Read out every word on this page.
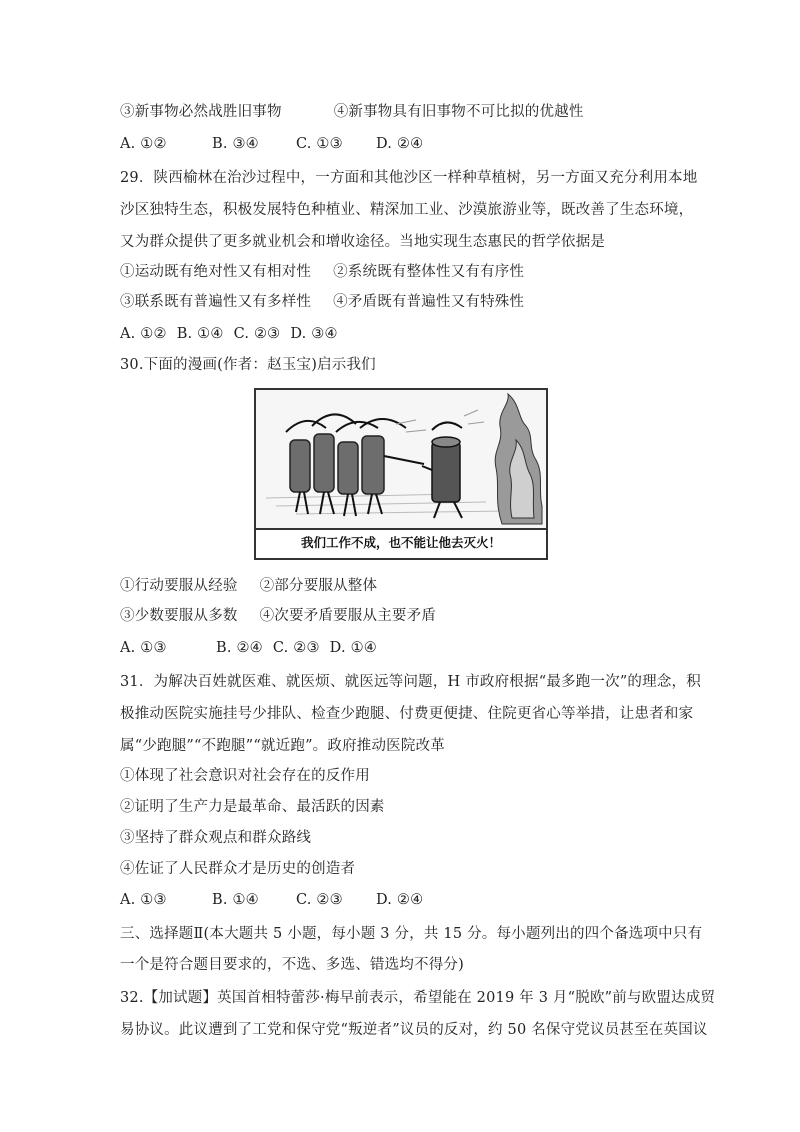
③新事物必然战胜旧事物	④新事物具有旧事物不可比拟的优越性
A. ①②	B. ③④	C. ①③ D. ②④
29．陕西榆林在治沙过程中，一方面和其他沙区一样种草植树，另一方面又充分利用本地
沙区独特生态，积极发展特色种植业、精深加工业、沙漠旅游业等，既改善了生态环境，
又为群众提供了更多就业机会和增收途径。当地实现生态惠民的哲学依据是
①运动既有绝对性又有相对性 ②系统既有整体性又有有序性
③联系既有普遍性又有多样性 ④矛盾既有普遍性又有特殊性
A. ①② B. ①④ C. ②③ D. ③④
30.下面的漫画(作者：赵玉宝)启示我们
我们工作不成，也不能让他去灭火！
①行动要服从经验 ②部分要服从整体
③少数要服从多数 ④次要矛盾要服从主要矛盾
A. ①③	B. ②④ C. ②③ D. ①④
31．为解决百姓就医难、就医烦、就医远等问题，H 市政府根据“最多跑一次”的理念，积
极推动医院实施挂号少排队、检查少跑腿、付费更便捷、住院更省心等举措，让患者和家
属“少跑腿”“不跑腿”“就近跑”。政府推动医院改革
①体现了社会意识对社会存在的反作用
②证明了生产力是最革命、最活跃的因素
③坚持了群众观点和群众路线
④佐证了人民群众才是历史的创造者
A. ①③	B. ①④	C. ②③ D. ②④
三、选择题Ⅱ(本大题共 5 小题，每小题 3 分，共 15 分。每小题列出的四个备选项中只有
一个是符合题目要求的，不选、多选、错选均不得分)
32.【加试题】英国首相特蕾莎·梅早前表示，希望能在 2019 年 3 月“脱欧”前与欧盟达成贸
易协议。此议遭到了工党和保守党“叛逆者”议员的反对，约 50 名保守党议员甚至在英国议
